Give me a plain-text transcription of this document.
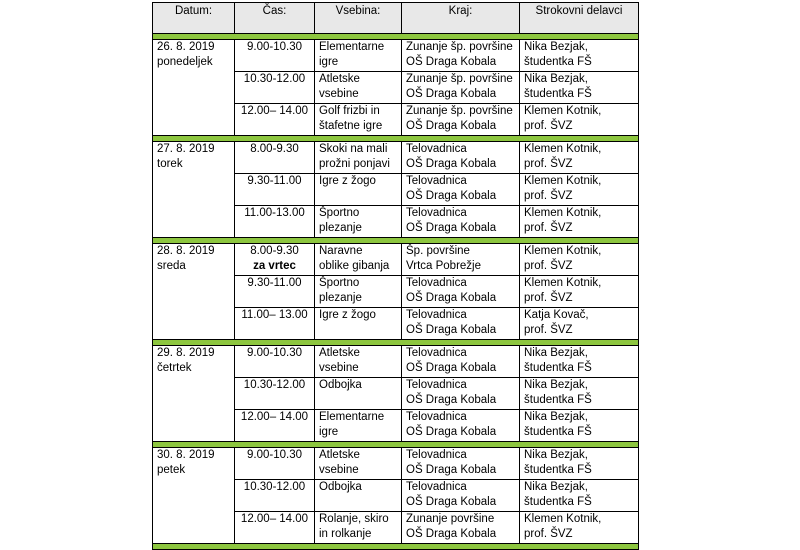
Datum:	Čas:	Vsebina:	Kraj:	Strokovni delavci

26. 8. 2019
ponedeljek	9.00-10.30	Elementarne
igre	Zunanje šp. površine
OŠ Draga Kobala	Nika Bezjak,
študentka FŠ

	10.30-12.00	Atletske
vsebine	Zunanje šp. površine
OŠ Draga Kobala	Nika Bezjak,
študentka FŠ

	12.00– 14.00	Golf frizbi in
štafetne igre	Zunanje šp. površine
OŠ Draga Kobala	Klemen Kotnik,
prof. ŠVZ

27. 8. 2019
torek	8.00-9.30	Skoki na mali
prožni ponjavi	Telovadnica
OŠ Draga Kobala	Klemen Kotnik,
prof. ŠVZ

	9.30-11.00	Igre z žogo	Telovadnica
OŠ Draga Kobala	Klemen Kotnik,
prof. ŠVZ

	11.00-13.00	Športno
plezanje	Telovadnica
OŠ Draga Kobala	Klemen Kotnik,
prof. ŠVZ

28. 8. 2019
sreda	8.00-9.30
za vrtec	Naravne
oblike gibanja	Šp. površine
Vrtca Pobrežje	Klemen Kotnik,
prof. ŠVZ

	9.30-11.00	Športno
plezanje	Telovadnica
OŠ Draga Kobala	Klemen Kotnik,
prof. ŠVZ

	11.00– 13.00	Igre z žogo	Telovadnica
OŠ Draga Kobala	Katja Kovač,
prof. ŠVZ

29. 8. 2019
četrtek	9.00-10.30	Atletske
vsebine	Telovadnica
OŠ Draga Kobala	Nika Bezjak,
študentka FŠ

	10.30-12.00	Odbojka	Telovadnica
OŠ Draga Kobala	Nika Bezjak,
študentka FŠ

	12.00– 14.00	Elementarne
igre	Telovadnica
OŠ Draga Kobala	Nika Bezjak,
študentka FŠ

30. 8. 2019
petek	9.00-10.30	Atletske
vsebine	Telovadnica
OŠ Draga Kobala	Nika Bezjak,
študentka FŠ

	10.30-12.00	Odbojka	Telovadnica
OŠ Draga Kobala	Nika Bezjak,
študentka FŠ

	12.00– 14.00	Rolanje, skiro
in rolkanje	Zunanje površine
OŠ Draga Kobala	Klemen Kotnik,
prof. ŠVZ
